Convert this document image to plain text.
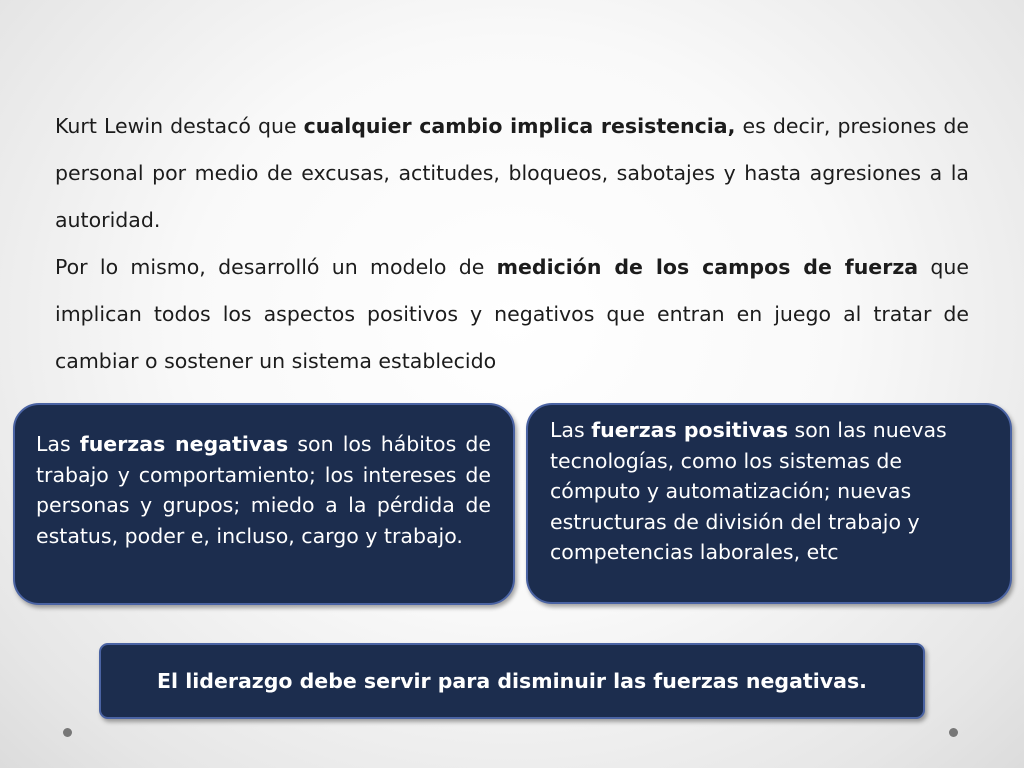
Kurt Lewin destacó que cualquier cambio implica resistencia, es decir, presiones de personal por medio de excusas, actitudes, bloqueos, sabotajes y hasta agresiones a la autoridad.

Por lo mismo, desarrolló un modelo de medición de los campos de fuerza que implican todos los aspectos positivos y negativos que entran en juego al tratar de cambiar o sostener un sistema establecido

Las fuerzas negativas son los hábitos de trabajo y comportamiento; los intereses de personas y grupos; miedo a la pérdida de estatus, poder e, incluso, cargo y trabajo.
Las fuerzas positivas son las nuevas tecnologías, como los sistemas de cómputo y automatización; nuevas estructuras de división del trabajo y competencias laborales, etc
El liderazgo debe servir para disminuir las fuerzas negativas.
